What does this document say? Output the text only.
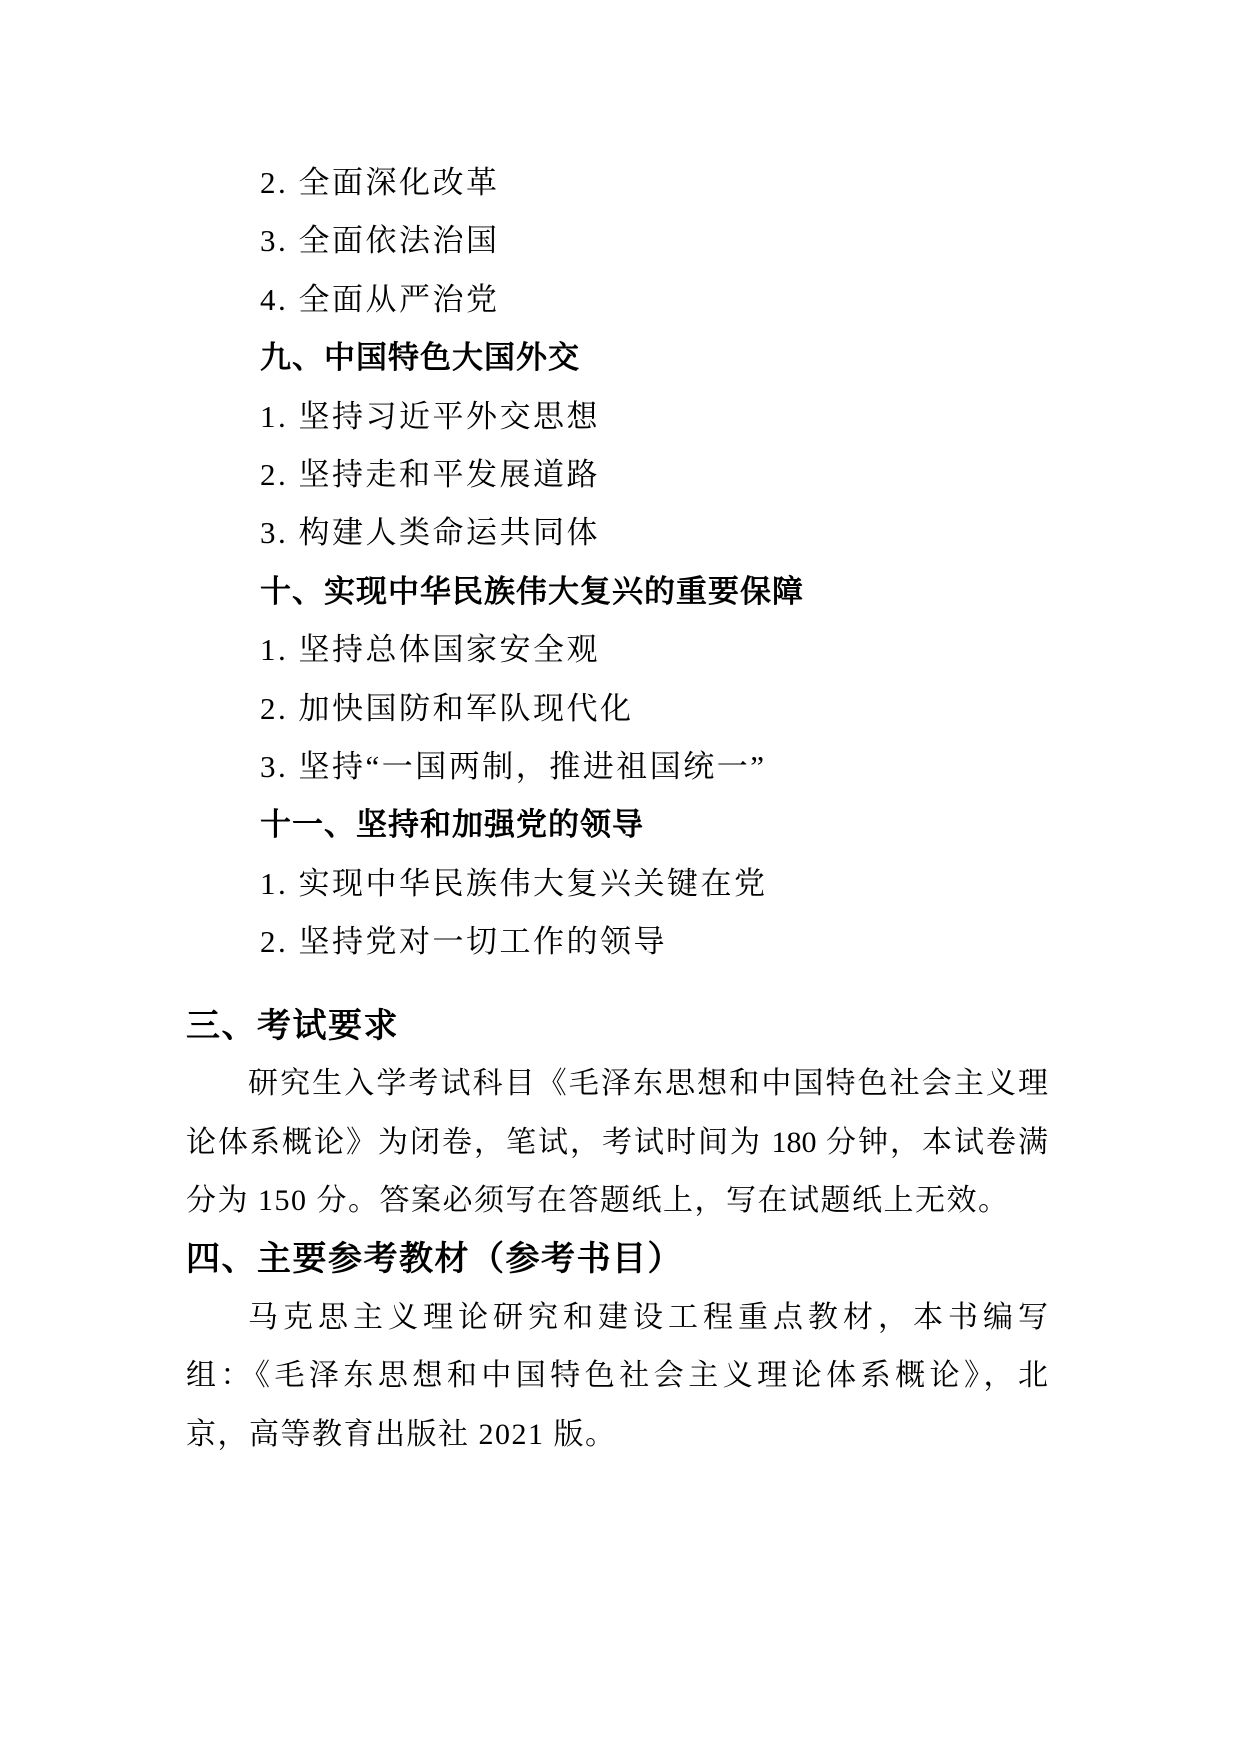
2. 全面深化改革
3. 全面依法治国
4. 全面从严治党
九、中国特色大国外交
1. 坚持习近平外交思想
2. 坚持走和平发展道路
3. 构建人类命运共同体
十、实现中华民族伟大复兴的重要保障
1. 坚持总体国家安全观
2. 加快国防和军队现代化
3. 坚持“一国两制，推进祖国统一”
十一、坚持和加强党的领导
1. 实现中华民族伟大复兴关键在党
2. 坚持党对一切工作的领导
三、考试要求

研究生入学考试科目《毛泽东思想和中国特色社会主义理

论体系概论》为闭卷，笔试，考试时间为 180 分钟，本试卷满

分为 150 分。答案必须写在答题纸上，写在试题纸上无效。

四、主要参考教材（参考书目）

马克思主义理论研究和建设工程重点教材，本书编写

组：《毛泽东思想和中国特色社会主义理论体系概论》，北

京，高等教育出版社 2021 版。
